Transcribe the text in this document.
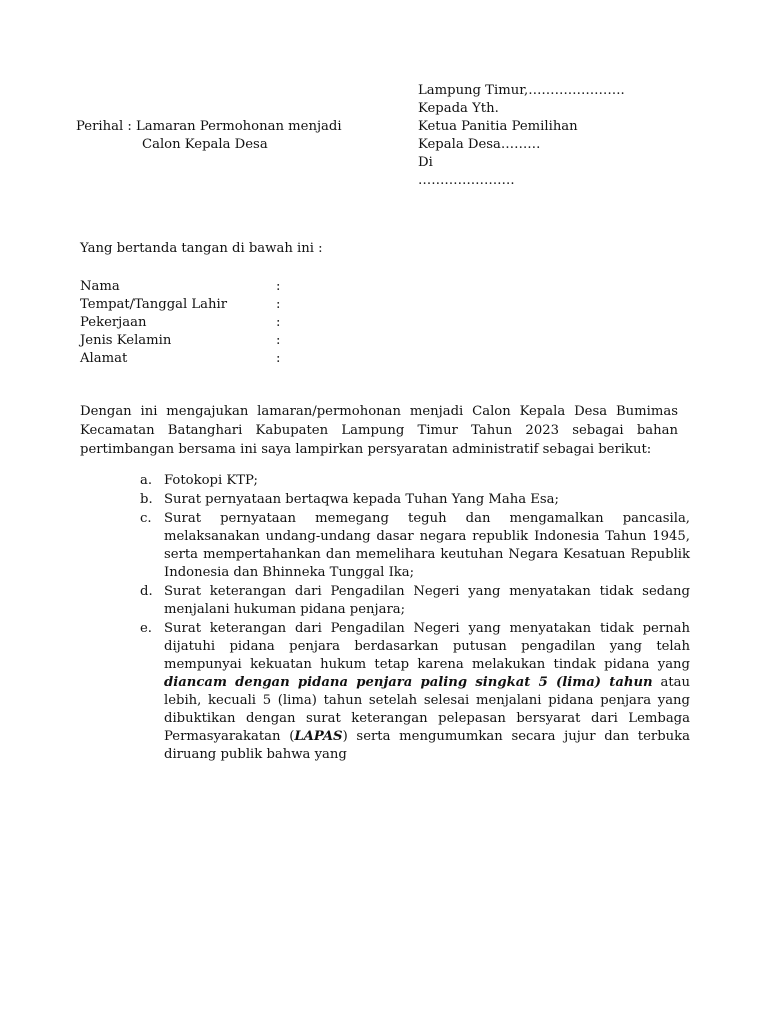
Lampung Timur,………………….
Kepada Yth.
Ketua Panitia Pemilihan
Kepala Desa………
Di
………………….
Perihal : Lamaran Permohonan menjadi
Calon Kepala Desa
Yang bertanda tangan di bawah ini :
Nama	:
Tempat/Tanggal Lahir	:
Pekerjaan	:
Jenis Kelamin	:
Alamat	:
Dengan ini mengajukan lamaran/permohonan menjadi Calon Kepala Desa Bumimas Kecamatan Batanghari Kabupaten Lampung Timur Tahun 2023 sebagai bahan pertimbangan bersama ini saya lampirkan persyaratan administratif sebagai berikut:

a. Fotokopi KTP;

b. Surat pernyataan bertaqwa kepada Tuhan Yang Maha Esa;

c. Surat pernyataan memegang teguh dan mengamalkan pancasila, melaksanakan undang-undang dasar negara republik Indonesia Tahun 1945, serta mempertahankan dan memelihara keutuhan Negara Kesatuan Republik Indonesia dan Bhinneka Tunggal Ika;

d. Surat keterangan dari Pengadilan Negeri yang menyatakan tidak sedang menjalani hukuman pidana penjara;

e. Surat keterangan dari Pengadilan Negeri yang menyatakan tidak pernah dijatuhi pidana penjara berdasarkan putusan pengadilan yang telah mempunyai kekuatan hukum tetap karena melakukan tindak pidana yang diancam dengan pidana penjara paling singkat 5 (lima) tahun atau lebih, kecuali 5 (lima) tahun setelah selesai menjalani pidana penjara yang dibuktikan dengan surat keterangan pelepasan bersyarat dari Lembaga Permasyarakatan (LAPAS) serta mengumumkan secara jujur dan terbuka diruang publik bahwa yang
